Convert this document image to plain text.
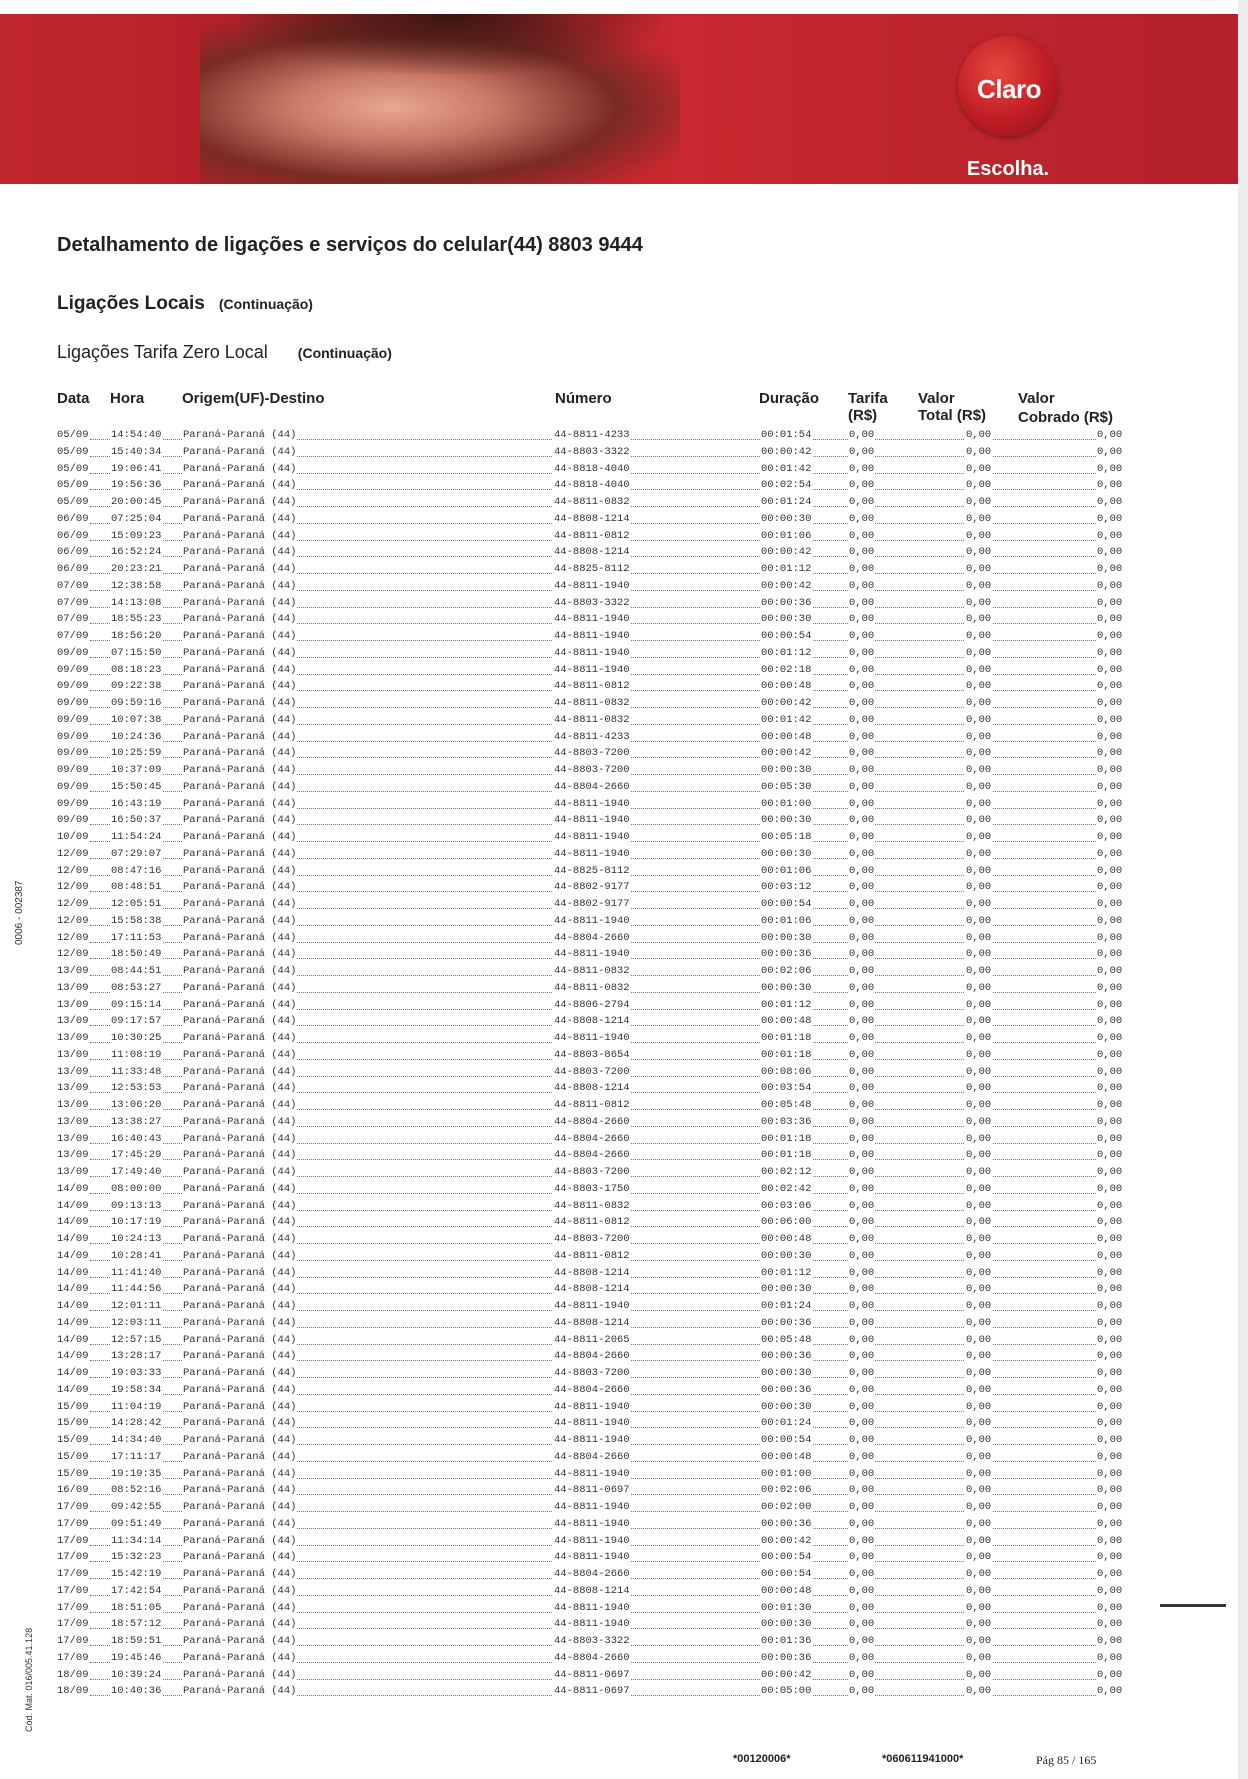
Claro
Escolha.
Detalhamento de ligações e serviços do celular(44) 8803 9444
Ligações Locais (Continuação)
Ligações Tarifa Zero Local (Continuação)
Data Hora	Origem(UF)-Destino	Número	Duração Tarifa
(R$)
Valor
Total (R$)
Valor
Cobrado (R$)
05/09 14:54:40 Paraná-Paraná (44)	44-8811-4233	00:01:54	0,00	0,00	0,00
05/09 15:40:34 Paraná-Paraná (44)	44-8803-3322	00:00:42	0,00	0,00	0,00
05/09 19:06:41 Paraná-Paraná (44)	44-8818-4040	00:01:42	0,00	0,00	0,00
05/09 19:56:36 Paraná-Paraná (44)	44-8818-4040	00:02:54	0,00	0,00	0,00
05/09 20:00:45 Paraná-Paraná (44)	44-8811-0832	00:01:24	0,00	0,00	0,00
06/09 07:25:04 Paraná-Paraná (44)	44-8808-1214	00:00:30	0,00	0,00	0,00
06/09 15:09:23 Paraná-Paraná (44)	44-8811-0812	00:01:06	0,00	0,00	0,00
06/09 16:52:24 Paraná-Paraná (44)	44-8808-1214	00:00:42	0,00	0,00	0,00
06/09 20:23:21 Paraná-Paraná (44)	44-8825-8112	00:01:12	0,00	0,00	0,00
07/09 12:38:58 Paraná-Paraná (44)	44-8811-1940	00:00:42	0,00	0,00	0,00
07/09 14:13:08 Paraná-Paraná (44)	44-8803-3322	00:00:36	0,00	0,00	0,00
07/09 18:55:23 Paraná-Paraná (44)	44-8811-1940	00:00:30	0,00	0,00	0,00
07/09 18:56:20 Paraná-Paraná (44)	44-8811-1940	00:00:54	0,00	0,00	0,00
09/09 07:15:50 Paraná-Paraná (44)	44-8811-1940	00:01:12	0,00	0,00	0,00
09/09 08:18:23 Paraná-Paraná (44)	44-8811-1940	00:02:18	0,00	0,00	0,00
09/09 09:22:38 Paraná-Paraná (44)	44-8811-0812	00:00:48	0,00	0,00	0,00
09/09 09:59:16 Paraná-Paraná (44)	44-8811-0832	00:00:42	0,00	0,00	0,00
09/09 10:07:38 Paraná-Paraná (44)	44-8811-0832	00:01:42	0,00	0,00	0,00
09/09 10:24:36 Paraná-Paraná (44)	44-8811-4233	00:00:48	0,00	0,00	0,00
09/09 10:25:59 Paraná-Paraná (44)	44-8803-7200	00:00:42	0,00	0,00	0,00
09/09 10:37:09 Paraná-Paraná (44)	44-8803-7200	00:00:30	0,00	0,00	0,00
09/09 15:50:45 Paraná-Paraná (44)	44-8804-2660	00:05:30	0,00	0,00	0,00
09/09 16:43:19 Paraná-Paraná (44)	44-8811-1940	00:01:00	0,00	0,00	0,00
09/09 16:50:37 Paraná-Paraná (44)	44-8811-1940	00:00:30	0,00	0,00	0,00
10/09 11:54:24 Paraná-Paraná (44)	44-8811-1940	00:05:18	0,00	0,00	0,00
12/09 07:29:07 Paraná-Paraná (44)	44-8811-1940	00:00:30	0,00	0,00	0,00
12/09 08:47:16 Paraná-Paraná (44)	44-8825-8112	00:01:06	0,00	0,00	0,00
12/09 08:48:51 Paraná-Paraná (44)	44-8802-9177	00:03:12	0,00	0,00	0,00
12/09 12:05:51 Paraná-Paraná (44)	44-8802-9177	00:00:54	0,00	0,00	0,00
12/09 15:58:38 Paraná-Paraná (44)	44-8811-1940	00:01:06	0,00	0,00	0,00
12/09 17:11:53 Paraná-Paraná (44)	44-8804-2660	00:00:30	0,00	0,00	0,00
12/09 18:50:49 Paraná-Paraná (44)	44-8811-1940	00:00:36	0,00	0,00	0,00
13/09 08:44:51 Paraná-Paraná (44)	44-8811-0832	00:02:06	0,00	0,00	0,00
13/09 08:53:27 Paraná-Paraná (44)	44-8811-0832	00:00:30	0,00	0,00	0,00
13/09 09:15:14 Paraná-Paraná (44)	44-8806-2794	00:01:12	0,00	0,00	0,00
13/09 09:17:57 Paraná-Paraná (44)	44-8808-1214	00:00:48	0,00	0,00	0,00
13/09 10:30:25 Paraná-Paraná (44)	44-8811-1940	00:01:18	0,00	0,00	0,00
13/09 11:08:19 Paraná-Paraná (44)	44-8803-8654	00:01:18	0,00	0,00	0,00
13/09 11:33:48 Paraná-Paraná (44)	44-8803-7200	00:08:06	0,00	0,00	0,00
13/09 12:53:53 Paraná-Paraná (44)	44-8808-1214	00:03:54	0,00	0,00	0,00
13/09 13:06:20 Paraná-Paraná (44)	44-8811-0812	00:05:48	0,00	0,00	0,00
13/09 13:38:27 Paraná-Paraná (44)	44-8804-2660	00:03:36	0,00	0,00	0,00
13/09 16:40:43 Paraná-Paraná (44)	44-8804-2660	00:01:18	0,00	0,00	0,00
13/09 17:45:29 Paraná-Paraná (44)	44-8804-2660	00:01:18	0,00	0,00	0,00
13/09 17:49:40 Paraná-Paraná (44)	44-8803-7200	00:02:12	0,00	0,00	0,00
14/09 08:00:00 Paraná-Paraná (44)	44-8803-1750	00:02:42	0,00	0,00	0,00
14/09 09:13:13 Paraná-Paraná (44)	44-8811-0832	00:03:06	0,00	0,00	0,00
14/09 10:17:19 Paraná-Paraná (44)	44-8811-0812	00:06:00	0,00	0,00	0,00
14/09 10:24:13 Paraná-Paraná (44)	44-8803-7200	00:00:48	0,00	0,00	0,00
14/09 10:28:41 Paraná-Paraná (44)	44-8811-0812	00:00:30	0,00	0,00	0,00
14/09 11:41:40 Paraná-Paraná (44)	44-8808-1214	00:01:12	0,00	0,00	0,00
14/09 11:44:56 Paraná-Paraná (44)	44-8808-1214	00:00:30	0,00	0,00	0,00
14/09 12:01:11 Paraná-Paraná (44)	44-8811-1940	00:01:24	0,00	0,00	0,00
14/09 12:03:11 Paraná-Paraná (44)	44-8808-1214	00:00:36	0,00	0,00	0,00
14/09 12:57:15 Paraná-Paraná (44)	44-8811-2065	00:05:48	0,00	0,00	0,00
14/09 13:28:17 Paraná-Paraná (44)	44-8804-2660	00:00:36	0,00	0,00	0,00
14/09 19:03:33 Paraná-Paraná (44)	44-8803-7200	00:00:30	0,00	0,00	0,00
14/09 19:58:34 Paraná-Paraná (44)	44-8804-2660	00:00:36	0,00	0,00	0,00
15/09 11:04:19 Paraná-Paraná (44)	44-8811-1940	00:00:30	0,00	0,00	0,00
15/09 14:28:42 Paraná-Paraná (44)	44-8811-1940	00:01:24	0,00	0,00	0,00
15/09 14:34:40 Paraná-Paraná (44)	44-8811-1940	00:00:54	0,00	0,00	0,00
15/09 17:11:17 Paraná-Paraná (44)	44-8804-2660	00:00:48	0,00	0,00	0,00
15/09 19:19:35 Paraná-Paraná (44)	44-8811-1940	00:01:00	0,00	0,00	0,00
16/09 08:52:16 Paraná-Paraná (44)	44-8811-0697	00:02:06	0,00	0,00	0,00
17/09 09:42:55 Paraná-Paraná (44)	44-8811-1940	00:02:00	0,00	0,00	0,00
17/09 09:51:49 Paraná-Paraná (44)	44-8811-1940	00:00:36	0,00	0,00	0,00
17/09 11:34:14 Paraná-Paraná (44)	44-8811-1940	00:00:42	0,00	0,00	0,00
17/09 15:32:23 Paraná-Paraná (44)	44-8811-1940	00:00:54	0,00	0,00	0,00
17/09 15:42:19 Paraná-Paraná (44)	44-8804-2660	00:00:54	0,00	0,00	0,00
17/09 17:42:54 Paraná-Paraná (44)	44-8808-1214	00:00:48	0,00	0,00	0,00
17/09 18:51:05 Paraná-Paraná (44)	44-8811-1940	00:01:30	0,00	0,00	0,00
17/09 18:57:12 Paraná-Paraná (44)	44-8811-1940	00:00:30	0,00	0,00	0,00
17/09 18:59:51 Paraná-Paraná (44)	44-8803-3322	00:01:36	0,00	0,00	0,00
17/09 19:45:46 Paraná-Paraná (44)	44-8804-2660	00:00:36	0,00	0,00	0,00
18/09 10:39:24 Paraná-Paraná (44)	44-8811-0697	00:00:42	0,00	0,00	0,00
18/09 10:40:36 Paraná-Paraná (44)	44-8811-0697	00:05:00	0,00	0,00	0,00
0006 - 002387
Cód. Mat. 016/005.41.128
*00120006*	*060611941000*	Pág 85 / 165
